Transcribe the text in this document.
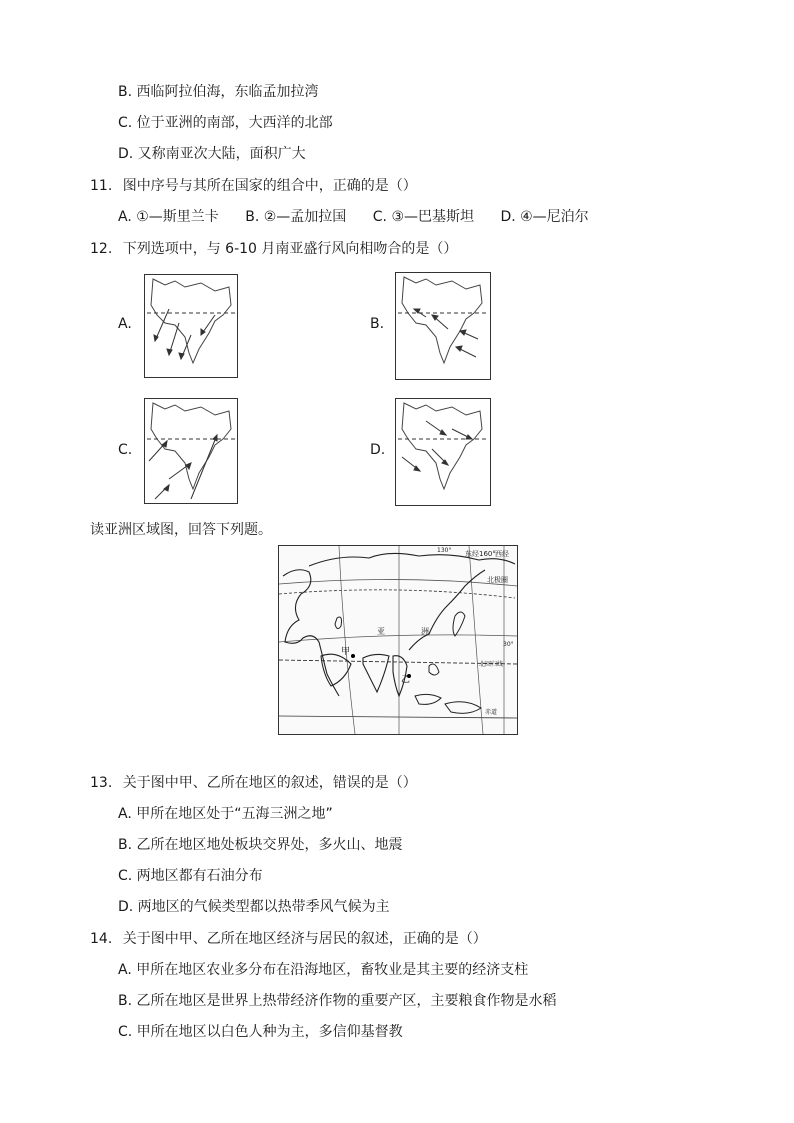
B. 西临阿拉伯海，东临孟加拉湾
C. 位于亚洲的南部，大西洋的北部
D. 又称南亚次大陆，面积广大
11. 图中序号与其所在国家的组合中，正确的是（）
A. ①—斯里兰卡 B. ②—孟加拉国 C. ③—巴基斯坦 D. ④—尼泊尔
12. 下列选项中，与 6-10 月南亚盛行风向相吻合的是（）
A.	B.
C.	D.
读亚洲区域图，回答下列题。
东经160° 西经
北极圈
亚	洲
甲
乙
北回归线
赤道
30°
130°
13. 关于图中甲、乙所在地区的叙述，错误的是（）
A. 甲所在地区处于“五海三洲之地”
B. 乙所在地区地处板块交界处，多火山、地震
C. 两地区都有石油分布
D. 两地区的气候类型都以热带季风气候为主
14. 关于图中甲、乙所在地区经济与居民的叙述，正确的是（）
A. 甲所在地区农业多分布在沿海地区，畜牧业是其主要的经济支柱
B. 乙所在地区是世界上热带经济作物的重要产区，主要粮食作物是水稻
C. 甲所在地区以白色人种为主，多信仰基督教
